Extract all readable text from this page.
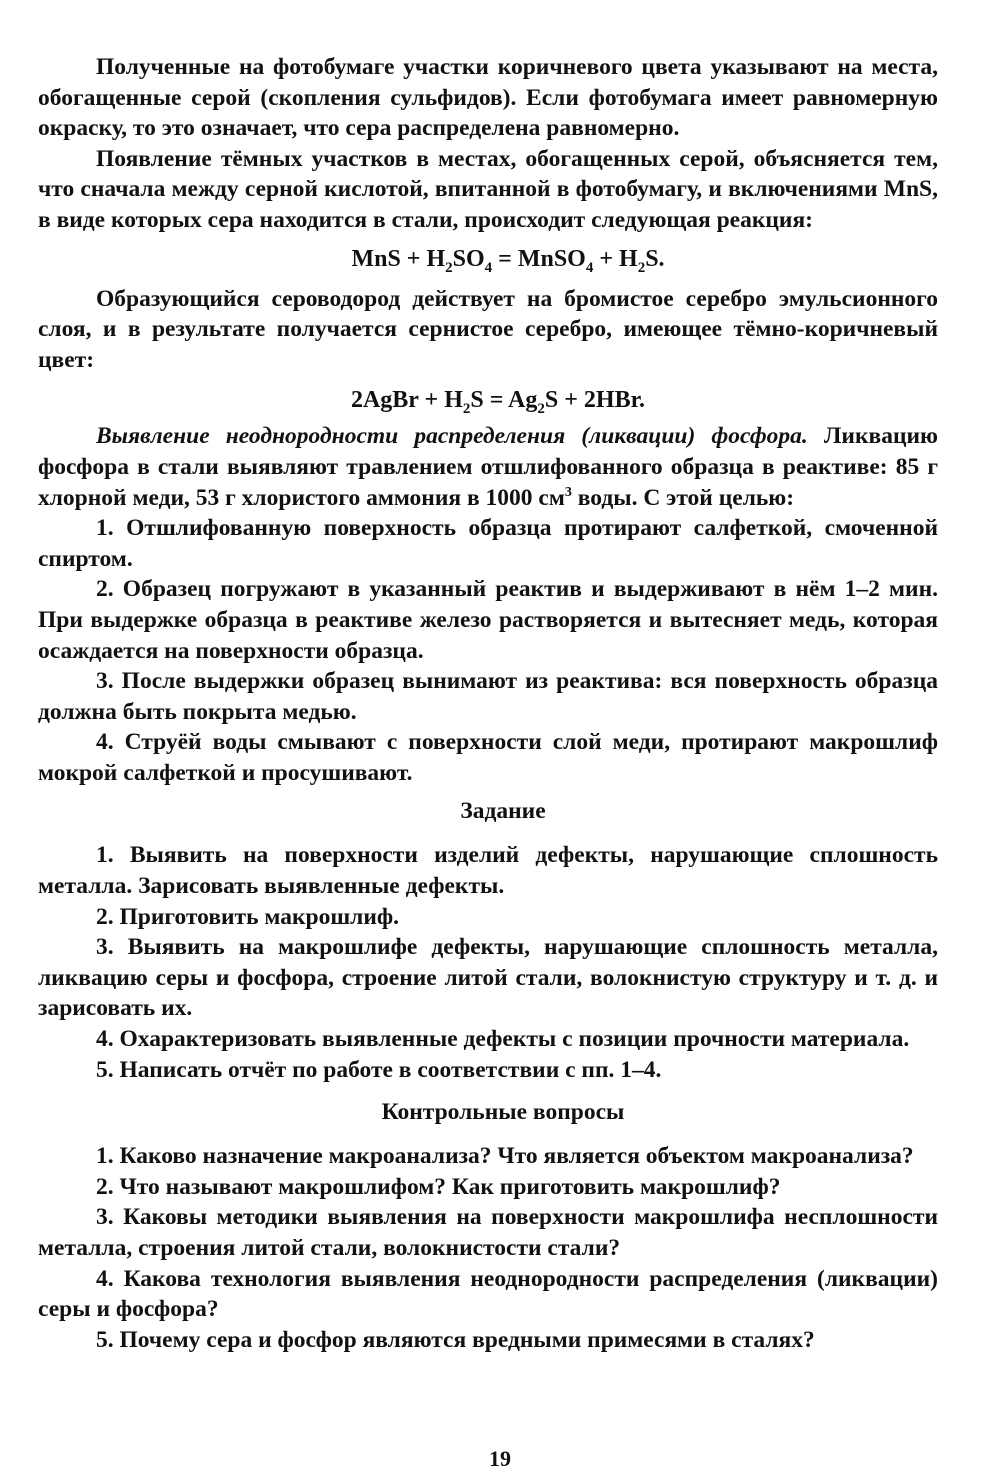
Полученные на фотобумаге участки коричневого цвета указывают на места, обогащенные серой (скопления сульфидов). Если фотобумага имеет равномерную окраску, то это означает, что сера распределена равномерно.

Появление тёмных участков в местах, обогащенных серой, объясняется тем, что сначала между серной кислотой, впитанной в фотобумагу, и включениями MnS, в виде которых сера находится в стали, происходит следующая реакция:

MnS + $H_2SO_4$ = MnSO$_4$ + $H_2S$.

Образующийся сероводород действует на бромистое серебро эмульсионного слоя, и в результате получается сернистое серебро, имеющее тёмно-коричневый цвет:

2AgBr + $H_2S = Ag_2S + 2HBr$.

Выявление неоднородности распределения (ликвации) фосфора. Ликвацию фосфора в стали выявляют травлением отшлифованного образца в реактиве: 85 г хлорной меди, 53 г хлористого аммония в 1000 $см^3$ воды. С этой целью:

1. Отшлифованную поверхность образца протирают салфеткой, смоченной спиртом.

2. Образец погружают в указанный реактив и выдерживают в нём 1–2 мин. При выдержке образца в реактиве железо растворяется и вытесняет медь, которая осаждается на поверхности образца.

3. После выдержки образец вынимают из реактива: вся поверхность образца должна быть покрыта медью.

4. Струёй воды смывают с поверхности слой меди, протирают макрошлиф мокрой салфеткой и просушивают.

Задание

1. Выявить на поверхности изделий дефекты, нарушающие сплошность металла. Зарисовать выявленные дефекты.

2. Приготовить макрошлиф.

3. Выявить на макрошлифе дефекты, нарушающие сплошность металла, ликвацию серы и фосфора, строение литой стали, волокнистую структуру и т. д. и зарисовать их.

4. Охарактеризовать выявленные дефекты с позиции прочности материала.

5. Написать отчёт по работе в соответствии с пп. 1–4.

Контрольные вопросы

1. Каково назначение макроанализа? Что является объектом макроанализа?

2. Что называют макрошлифом? Как приготовить макрошлиф?

3. Каковы методики выявления на поверхности макрошлифа несплошности металла, строения литой стали, волокнистости стали?

4. Какова технология выявления неоднородности распределения (ликвации) серы и фосфора?

5. Почему сера и фосфор являются вредными примесями в сталях?

19
